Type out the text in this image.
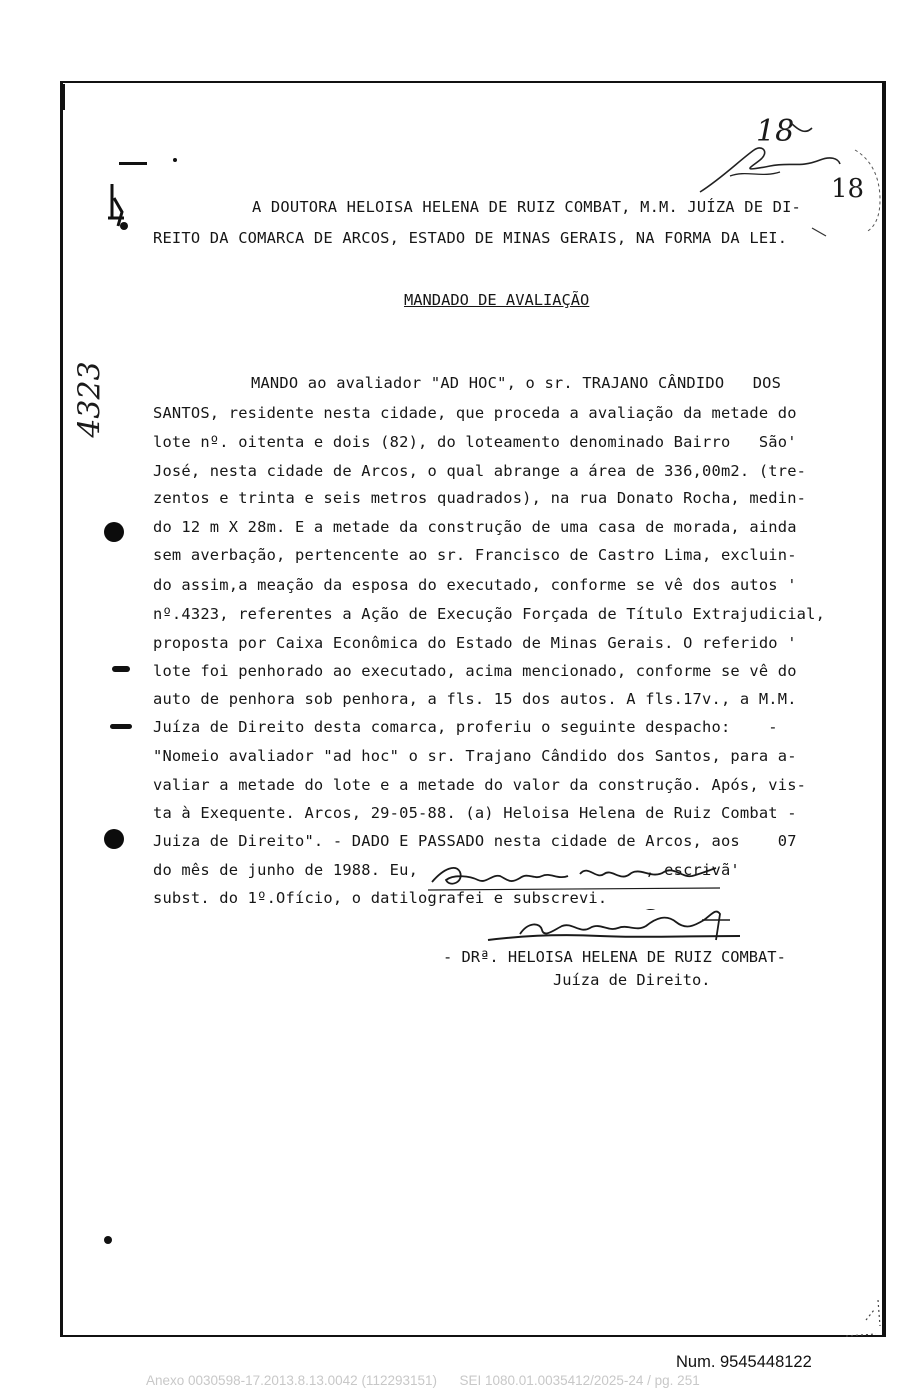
18
18
A DOUTORA HELOISA HELENA DE RUIZ COMBAT, M.M. JUÍZA DE DI-
REITO DA COMARCA DE ARCOS, ESTADO DE MINAS GERAIS, NA FORMA DA LEI.
MANDADO DE AVALIAÇÃO
4323	MANDO ao avaliador "AD HOC", o sr. TRAJANO CÂNDIDO   DOS
SANTOS, residente nesta cidade, que proceda a avaliação da metade do
lote nº. oitenta e dois (82), do loteamento denominado Bairro   São'
José, nesta cidade de Arcos, o qual abrange a área de 336,00m2. (tre-
zentos e trinta e seis metros quadrados), na rua Donato Rocha, medin-
do 12 m X 28m. E a metade da construção de uma casa de morada, ainda
sem averbação, pertencente ao sr. Francisco de Castro Lima, excluin-
do assim,a meação da esposa do executado, conforme se vê dos autos '
nº.4323, referentes a Ação de Execução Forçada de Título Extrajudicial,
proposta por Caixa Econômica do Estado de Minas Gerais. O referido '
lote foi penhorado ao executado, acima mencionado, conforme se vê do
auto de penhora sob penhora, a fls. 15 dos autos. A fls.17v., a M.M.
Juíza de Direito desta comarca, proferiu o seguinte despacho:    -
"Nomeio avaliador "ad hoc" o sr. Trajano Cândido dos Santos, para a-
valiar a metade do lote e a metade do valor da construção. Após, vis-
ta à Exequente. Arcos, 29-05-88. (a) Heloisa Helena de Ruiz Combat -
Juiza de Direito". - DADO E PASSADO nesta cidade de Arcos, aos    07
do mês de junho de 1988. Eu,                        , escrivã'
subst. do 1º.Ofício, o datilografei e subscrevi.
- DRª. HELOISA HELENA DE RUIZ COMBAT-
Juíza de Direito.
Num. 9545448122
Anexo 0030598-17.2013.8.13.0042 (112293151)      SEI 1080.01.0035412/2025-24 / pg. 251
